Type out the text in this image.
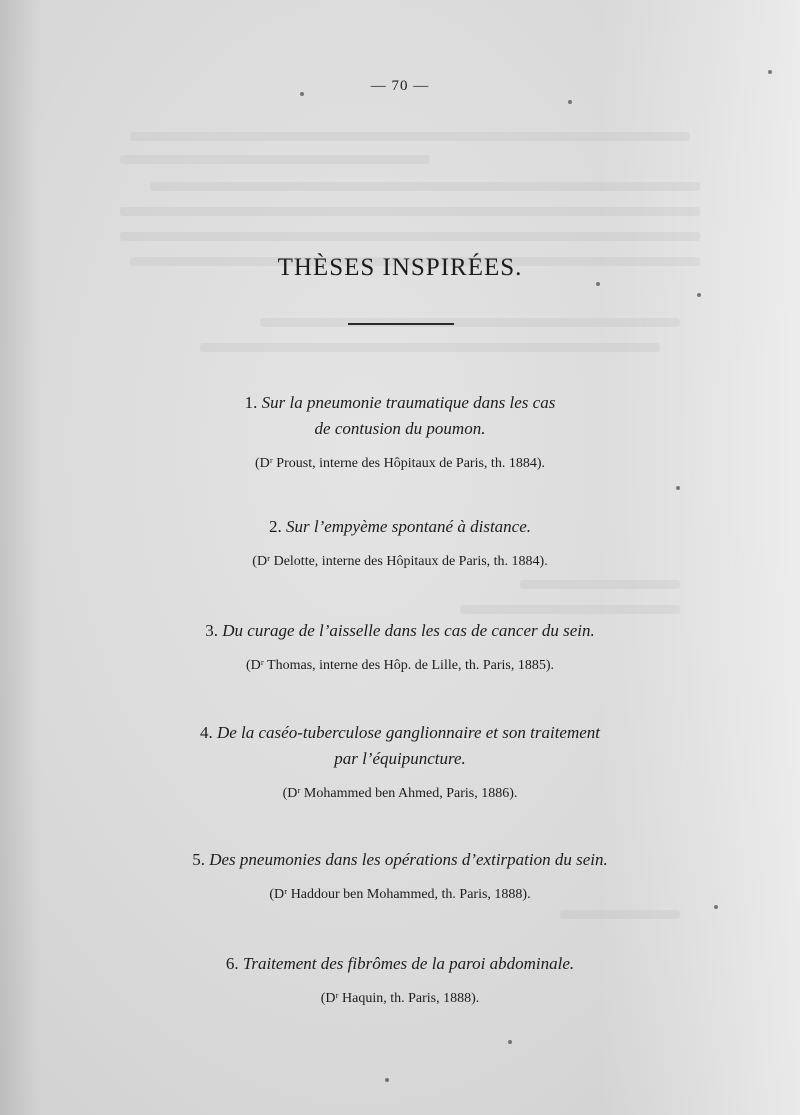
— 70 —
THÈSES INSPIRÉES.
1. Sur la pneumonie traumatique dans les cas
de contusion du poumon.
(Dʳ Proust, interne des Hôpitaux de Paris, th. 1884).
2. Sur l’empyème spontané à distance.
(Dʳ Delotte, interne des Hôpitaux de Paris, th. 1884).
3. Du curage de l’aisselle dans les cas de cancer du sein.
(Dʳ Thomas, interne des Hôp. de Lille, th. Paris, 1885).
4. De la caséo-tuberculose ganglionnaire et son traitement
par l’équipuncture.
(Dʳ Mohammed ben Ahmed, Paris, 1886).
5. Des pneumonies dans les opérations d’extirpation du sein.
(Dʳ Haddour ben Mohammed, th. Paris, 1888).
6. Traitement des fibrômes de la paroi abdominale.
(Dʳ Haquin, th. Paris, 1888).
